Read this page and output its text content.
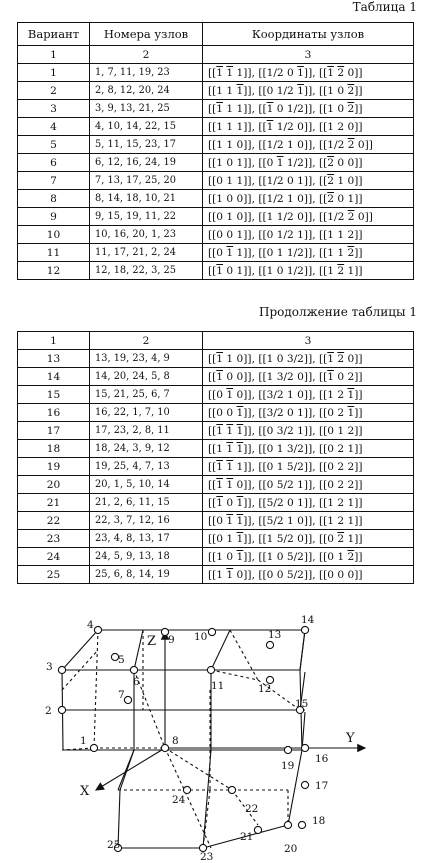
Таблица 1
Вариант	Номера узлов	Координаты узлов
1	2	3
1	1, 7, 11, 19, 23	[[1 1 1]], [[1/2 0 1]], [[1 2 0]]
2	2, 8, 12, 20, 24	[[1 1 1]], [[0 1/2 1]], [[1 0 2]]
3	3, 9, 13, 21, 25	[[1 1 1]], [[1 0 1/2]], [[1 0 2]]
4	4, 10, 14, 22, 15	[[1 1 1]], [[1 1/2 0]], [[1 2 0]]
5	5, 11, 15, 23, 17	[[1 1 0]], [[1/2 1 0]], [[1/2 2 0]]
6	6, 12, 16, 24, 19	[[1 0 1]], [[0 1 1/2]], [[2 0 0]]
7	7, 13, 17, 25, 20	[[0 1 1]], [[1/2 0 1]], [[2 1 0]]
8	8, 14, 18, 10, 21	[[1 0 0]], [[1/2 1 0]], [[2 0 1]]
9	9, 15, 19, 11, 22	[[0 1 0]], [[1 1/2 0]], [[1/2 2 0]]
10	10, 16, 20, 1, 23	[[0 0 1]], [[0 1/2 1]], [[1 1 2]]
11	11, 17, 21, 2, 24	[[0 1 1]], [[0 1 1/2]], [[1 1 2]]
12	12, 18, 22, 3, 25	[[1 0 1]], [[1 0 1/2]], [[1 2 1]]
Продолжение таблицы 1
1	2	3
13	13, 19, 23, 4, 9	[[1 1 0]], [[1 0 3/2]], [[1 2 0]]
14	14, 20, 24, 5, 8	[[1 0 0]], [[1 3/2 0]], [[1 0 2]]
15	15, 21, 25, 6, 7	[[0 1 0]], [[3/2 1 0]], [[1 2 1]]
16	16, 22, 1, 7, 10	[[0 0 1]], [[3/2 0 1]], [[0 2 1]]
17	17, 23, 2, 8, 11	[[1 1 1]], [[0 3/2 1]], [[0 1 2]]
18	18, 24, 3, 9, 12	[[1 1 1]], [[0 1 3/2]], [[0 2 1]]
19	19, 25, 4, 7, 13	[[1 1 1]], [[0 1 5/2]], [[0 2 2]]
20	20, 1, 5, 10, 14	[[1 1 0]], [[0 5/2 1]], [[0 2 2]]
21	21, 2, 6, 11, 15	[[1 0 1]], [[5/2 0 1]], [[1 2 1]]
22	22, 3, 7, 12, 16	[[0 1 1]], [[5/2 1 0]], [[1 2 1]]
23	23, 4, 8, 13, 17	[[0 1 1]], [[1 5/2 0]], [[0 2 1]]
24	24, 5, 9, 13, 18	[[1 0 1]], [[1 0 5/2]], [[0 1 2]]
25	25, 6, 8, 14, 19	[[1 1 0]], [[0 0 5/2]], [[0 0 0]]
Z
Y
X
1
2
3
4
5
6
7
8
9 10
11	12
13
14
15
16
17
18
19
20
21
22
23
24
25
